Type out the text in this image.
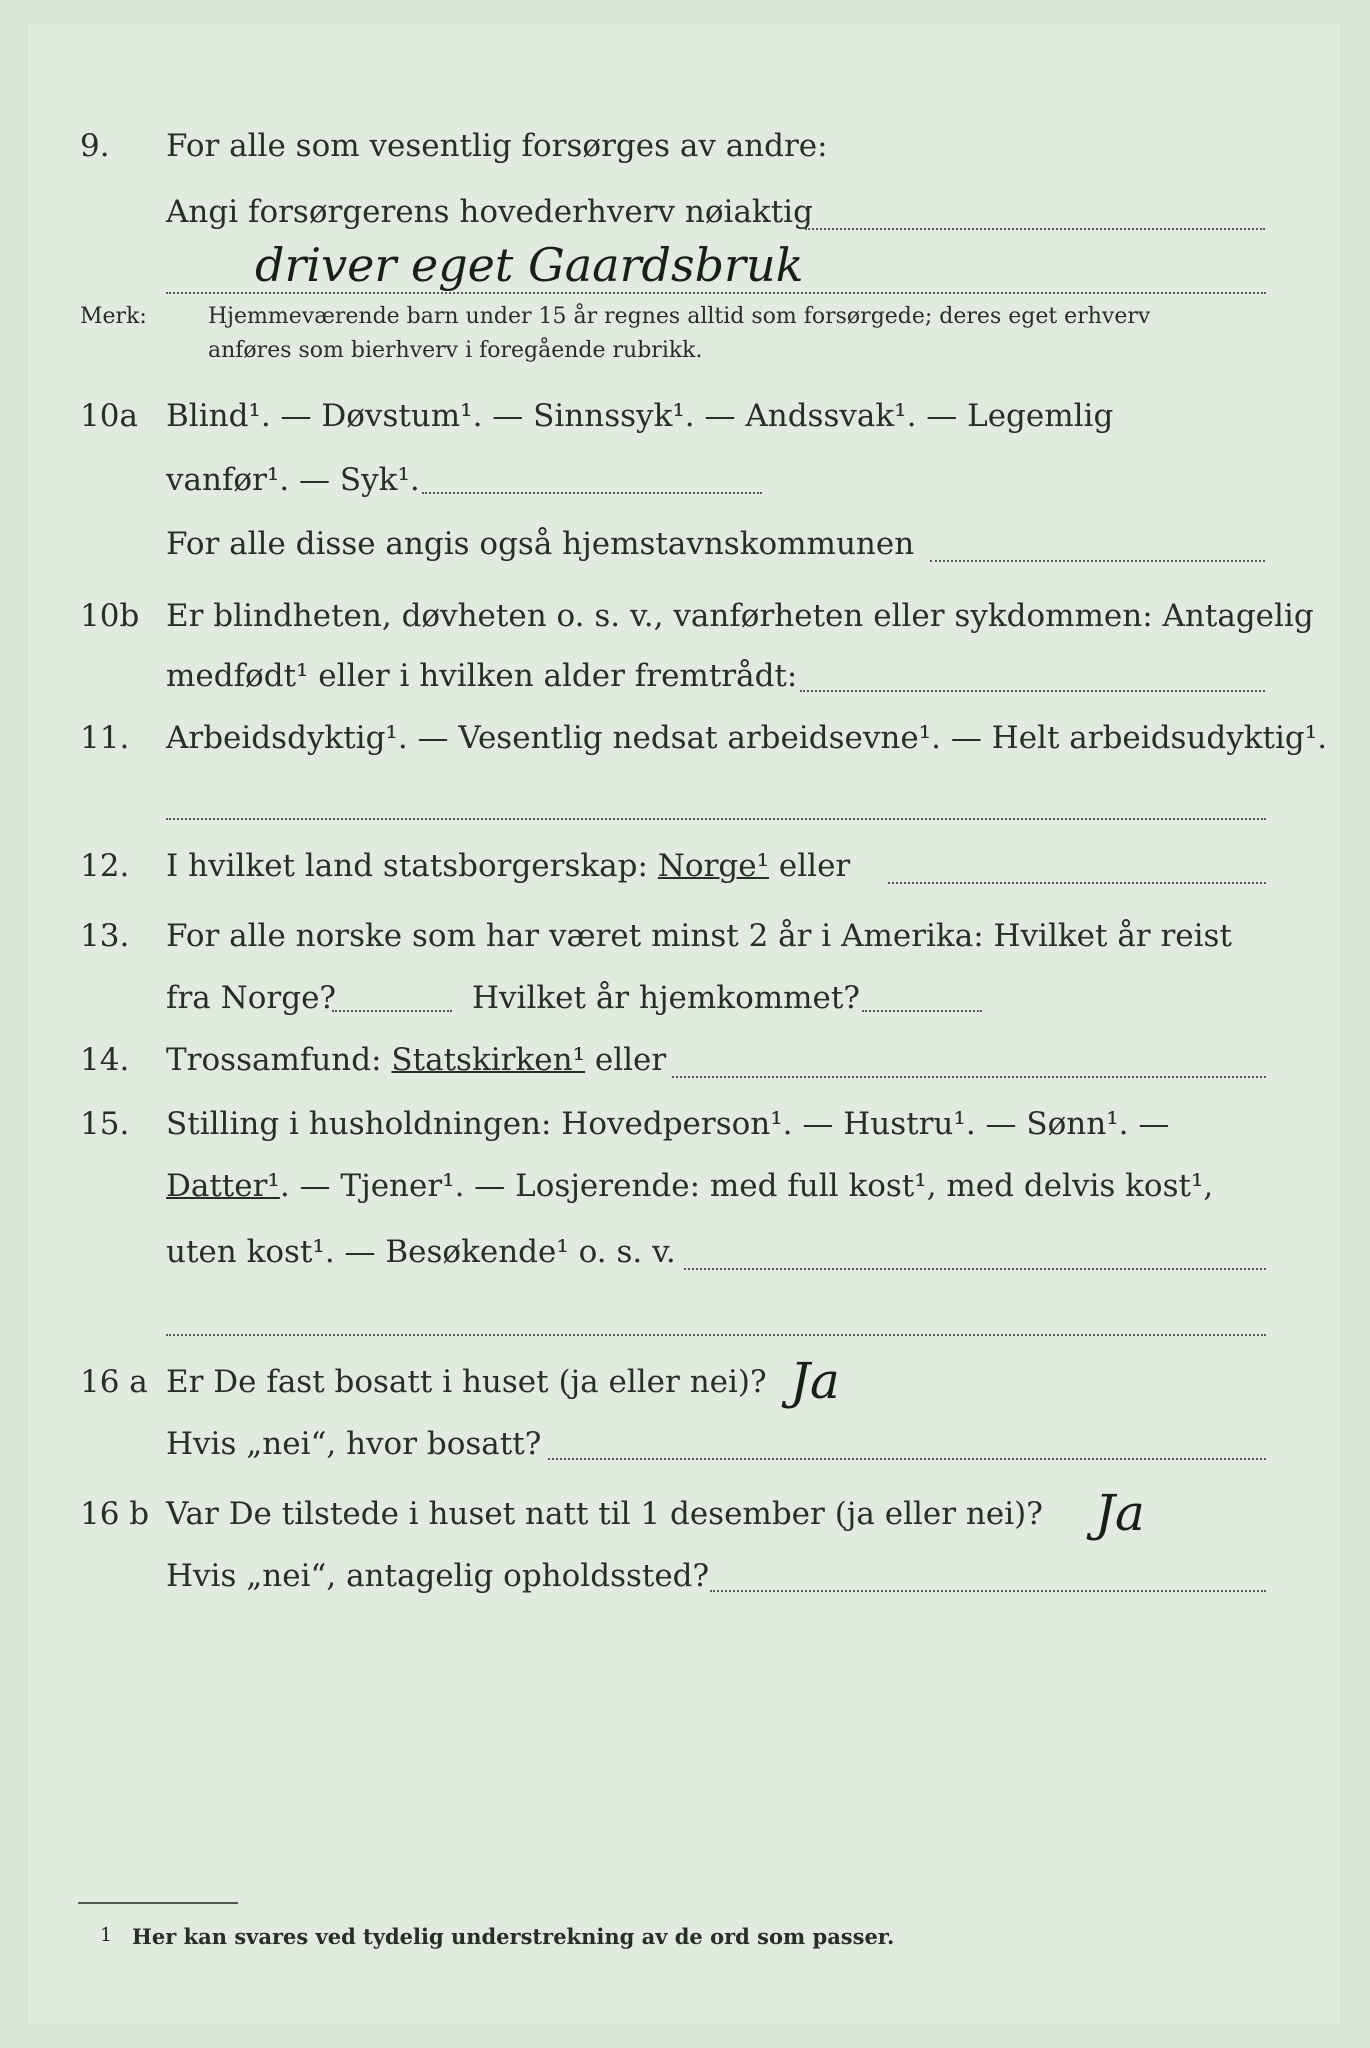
9. For alle som vesentlig forsørges av andre:
Angi forsørgerens hovederhverv nøiaktig
driver eget Gaardsbruk
Merk:	Hjemmeværende barn under 15 år regnes alltid som forsørgede; deres eget erhverv
anføres som bierhverv i foregående rubrikk.
10a Blind¹. — Døvstum¹. — Sinnssyk¹. — Andssvak¹. — Legemlig
vanfør¹. — Syk¹.
For alle disse angis også hjemstavnskommunen
10b Er blindheten, døvheten o. s. v., vanførheten eller sykdommen: Antagelig
medfødt¹ eller i hvilken alder fremtrådt:
11. Arbeidsdyktig¹. — Vesentlig nedsat arbeidsevne¹. — Helt arbeidsudyktig¹.
12. I hvilket land statsborgerskap: Norge¹ eller
13. For alle norske som har været minst 2 år i Amerika: Hvilket år reist
fra Norge?	Hvilket år hjemkommet?
14. Trossamfund: Statskirken¹ eller
15. Stilling i husholdningen: Hovedperson¹. — Hustru¹. — Sønn¹. —
Datter¹. — Tjener¹. — Losjerende: med full kost¹, med delvis kost¹,
uten kost¹. — Besøkende¹ o. s. v.
16 a Er De fast bosatt i huset (ja eller nei)? Ja
Hvis „nei“, hvor bosatt?
16 b Var De tilstede i huset natt til 1 desember (ja eller nei)? Ja
Hvis „nei“, antagelig opholdssted?
1 Her kan svares ved tydelig understrekning av de ord som passer.
